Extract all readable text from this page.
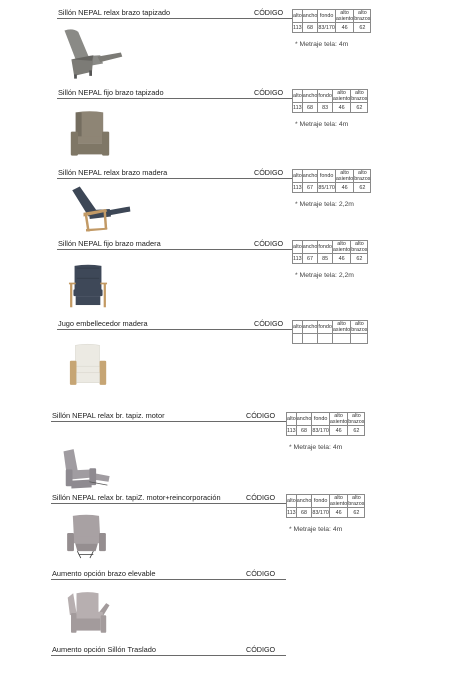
Sillón NEPAL relax brazo tapizado	CÓDIGO alto	ancho	fondo	alto asiento	alto brazos
113	68	83/170	46	62
* Metraje tela: 4m
Sillón NEPAL fijo brazo tapizado	CÓDIGO alto	ancho	fondo	alto asiento	alto brazos
113	68	83	46	62
* Metraje tela: 4m
Sillón NEPAL relax brazo madera	CÓDIGO alto	ancho	fondo	alto asiento	alto brazos
113	67	85/170	46	62
* Metraje tela: 2,2m
Sillón NEPAL fijo brazo madera	CÓDIGO alto	ancho	fondo	alto asiento	alto brazos
113	67	85	46	62
* Metraje tela: 2,2m
Jugo embellecedor madera	CÓDIGO alto	ancho	fondo	alto asiento	alto brazos

Sillón NEPAL relax br. tapiz. motor	CÓDIGO alto	ancho	fondo	alto asiento	alto brazos
113	68	83/170	46	62
* Metraje tela: 4m
Sillón NEPAL relax br. tapiZ. motor+reincorporación	CÓDIGO alto	ancho	fondo	alto asiento	alto brazos
113	68	83/170	46	62
* Metraje tela: 4m
Aumento opción brazo elevable	CÓDIGO
Aumento opción Sillón Traslado	CÓDIGO
